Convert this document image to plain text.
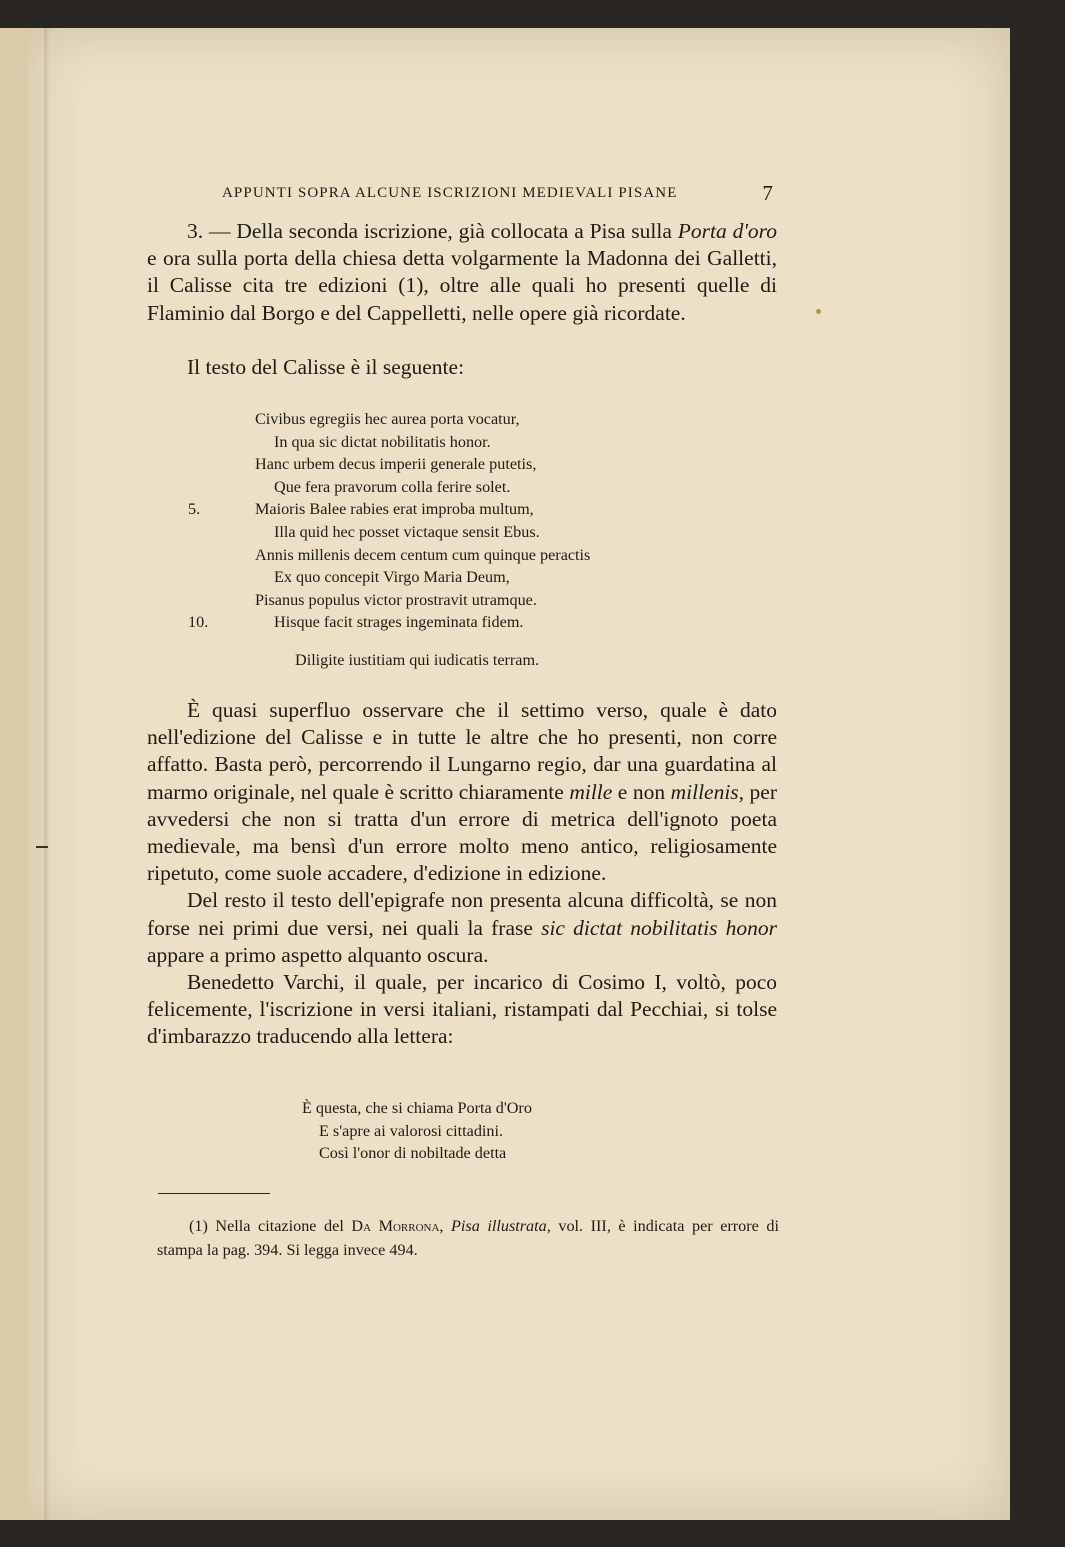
APPUNTI SOPRA ALCUNE ISCRIZIONI MEDIEVALI PISANE	7

3. — Della seconda iscrizione, già collocata a Pisa sulla Porta d'oro e ora sulla porta della chiesa detta volgarmente la Madonna dei Galletti, il Calisse cita tre edizioni (1), oltre alle quali ho presenti quelle di Flaminio dal Borgo e del Cappelletti, nelle opere già ricordate.

Il testo del Calisse è il seguente:

Civibus egregiis hec aurea porta vocatur,
In qua sic dictat nobilitatis honor.
Hanc urbem decus imperii generale putetis,
Que fera pravorum colla ferire solet.
5.	Maioris Balee rabies erat improba multum,
Illa quid hec posset victaque sensit Ebus.
Annis millenis decem centum cum quinque peractis
Ex quo concepit Virgo Maria Deum,
Pisanus populus victor prostravit utramque.
10.	Hisque facit strages ingeminata fidem.
Diligite iustitiam qui iudicatis terram.

È quasi superfluo osservare che il settimo verso, quale è dato nell'edizione del Calisse e in tutte le altre che ho presenti, non corre affatto. Basta però, percorrendo il Lungarno regio, dar una guardatina al marmo originale, nel quale è scritto chiaramente mille e non millenis, per avvedersi che non si tratta d'un errore di metrica dell'ignoto poeta medievale, ma bensì d'un errore molto meno antico, religiosamente ripetuto, come suole accadere, d'edizione in edizione.

Del resto il testo dell'epigrafe non presenta alcuna difficoltà, se non forse nei primi due versi, nei quali la frase sic dictat nobilitatis honor appare a primo aspetto alquanto oscura.

Benedetto Varchi, il quale, per incarico di Cosimo I, voltò, poco felicemente, l'iscrizione in versi italiani, ristampati dal Pecchiai, si tolse d'imbarazzo traducendo alla lettera:

È questa, che si chiama Porta d'Oro
E s'apre ai valorosi cittadini.
Così l'onor di nobiltade detta

(1) Nella citazione del Da Morrona, Pisa illustrata, vol. III, è indicata per errore di stampa la pag. 394. Si legga invece 494.
